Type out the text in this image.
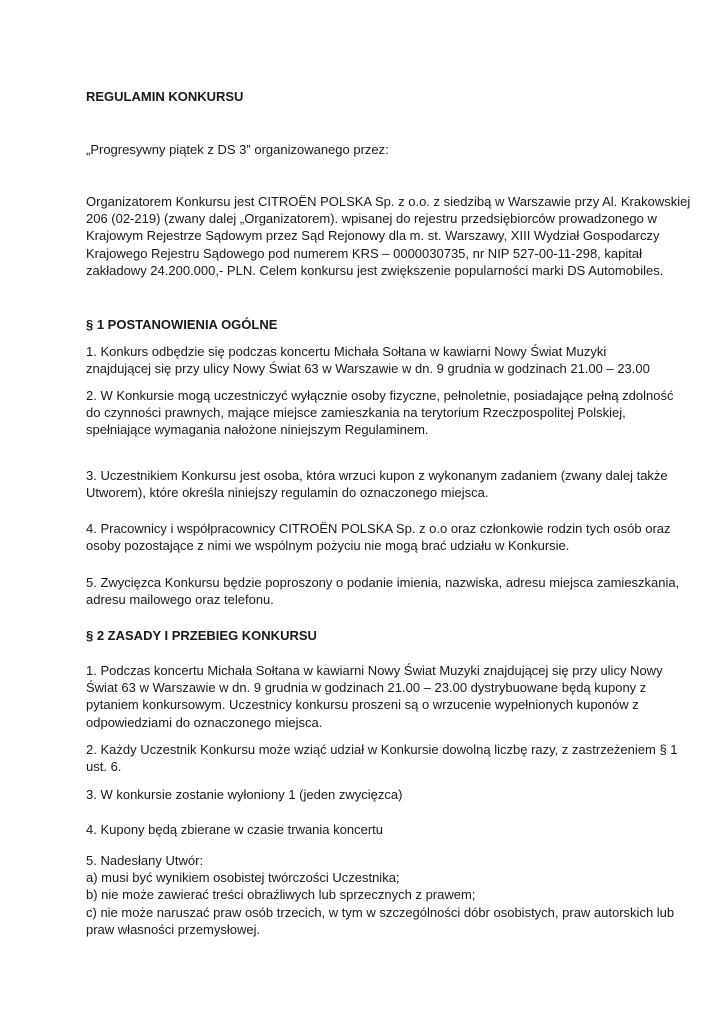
REGULAMIN KONKURSU

„Progresywny piątek z DS 3” organizowanego przez:

Organizatorem Konkursu jest CITROËN POLSKA Sp. z o.o. z siedzibą w Warszawie przy Al. Krakowskiej
206 (02-219) (zwany dalej „Organizatorem). wpisanej do rejestru przedsiębiorców prowadzonego w
Krajowym Rejestrze Sądowym przez Sąd Rejonowy dla m. st. Warszawy, XIII Wydział Gospodarczy
Krajowego Rejestru Sądowego pod numerem KRS – 0000030735, nr NIP 527-00-11-298, kapitał
zakładowy 24.200.000,- PLN. Celem konkursu jest zwiększenie popularności marki DS Automobiles.

§ 1 POSTANOWIENIA OGÓLNE

1. Konkurs odbędzie się podczas koncertu Michała Sołtana w kawiarni Nowy Świat Muzyki
znajdującej się przy ulicy Nowy Świat 63 w Warszawie w dn. 9 grudnia w godzinach 21.00 – 23.00
2. W Konkursie mogą uczestniczyć wyłącznie osoby fizyczne, pełnoletnie, posiadające pełną zdolność
do czynności prawnych, mające miejsce zamieszkania na terytorium Rzeczpospolitej Polskiej,
spełniające wymagania nałożone niniejszym Regulaminem.
3. Uczestnikiem Konkursu jest osoba, która wrzuci kupon z wykonanym zadaniem (zwany dalej także
Utworem), które określa niniejszy regulamin do oznaczonego miejsca.
4. Pracownicy i współpracownicy CITROËN POLSKA Sp. z o.o oraz członkowie rodzin tych osób oraz
osoby pozostające z nimi we wspólnym pożyciu nie mogą brać udziału w Konkursie.
5. Zwycięzca Konkursu będzie poproszony o podanie imienia, nazwiska, adresu miejsca zamieszkania,
adresu mailowego oraz telefonu.

§ 2 ZASADY I PRZEBIEG KONKURSU

1. Podczas koncertu Michała Sołtana w kawiarni Nowy Świat Muzyki znajdującej się przy ulicy Nowy
Świat 63 w Warszawie w dn. 9 grudnia w godzinach 21.00 – 23.00 dystrybuowane będą kupony z
pytaniem konkursowym. Uczestnicy konkursu proszeni są o wrzucenie wypełnionych kuponów z
odpowiedziami do oznaczonego miejsca.
2. Każdy Uczestnik Konkursu może wziąć udział w Konkursie dowolną liczbę razy, z zastrzeżeniem § 1
ust. 6.
3. W konkursie zostanie wyłoniony 1 (jeden zwycięzca)
4. Kupony będą zbierane w czasie trwania koncertu
5. Nadesłany Utwór:
a) musi być wynikiem osobistej twórczości Uczestnika;
b) nie może zawierać treści obraźliwych lub sprzecznych z prawem;
c) nie może naruszać praw osób trzecich, w tym w szczególności dóbr osobistych, praw autorskich lub
praw własności przemysłowej.
